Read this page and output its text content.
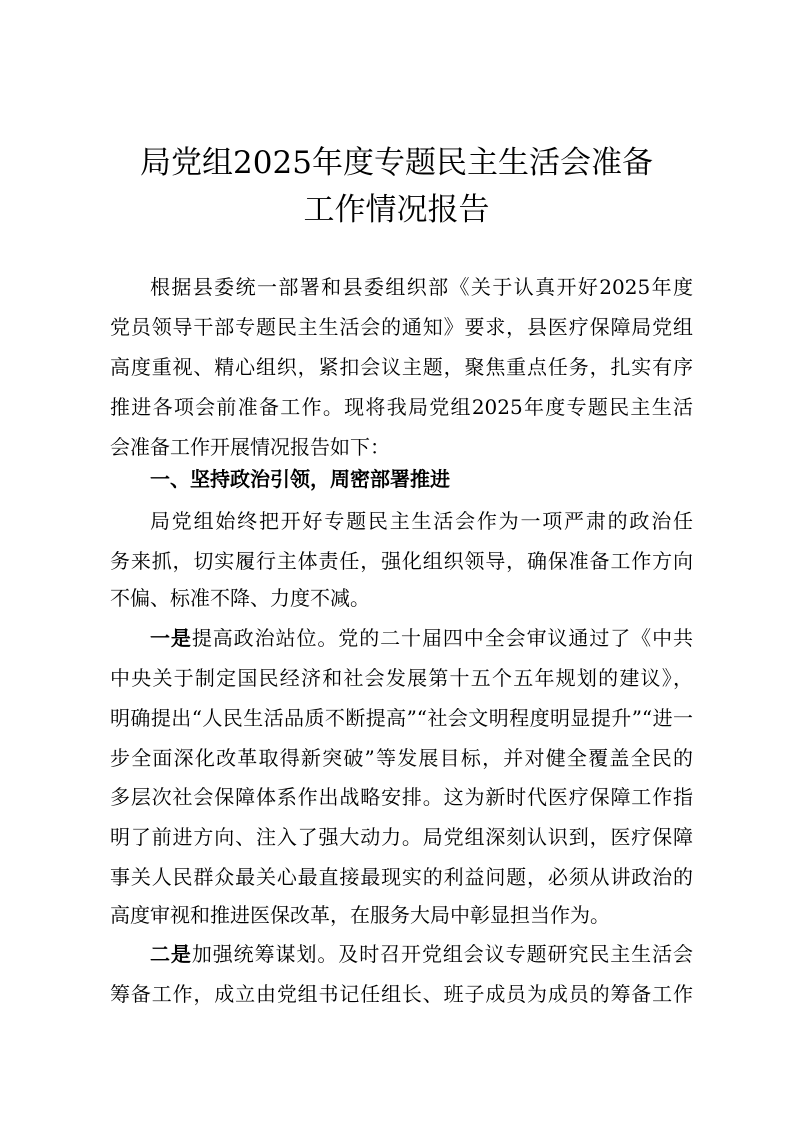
局党组2025年度专题民主生活会准备
工作情况报告
根据县委统一部署和县委组织部《关于认真开好2025年度
党员领导干部专题民主生活会的通知》要求，县医疗保障局党组
高度重视、精心组织，紧扣会议主题，聚焦重点任务，扎实有序
推进各项会前准备工作。现将我局党组2025年度专题民主生活
会准备工作开展情况报告如下：
一、坚持政治引领，周密部署推进
局党组始终把开好专题民主生活会作为一项严肃的政治任
务来抓，切实履行主体责任，强化组织领导，确保准备工作方向
不偏、标准不降、力度不减。
一是提高政治站位。党的二十届四中全会审议通过了《中共
中央关于制定国民经济和社会发展第十五个五年规划的建议》，
明确提出“人民生活品质不断提高”“社会文明程度明显提升”“进一
步全面深化改革取得新突破”等发展目标，并对健全覆盖全民的
多层次社会保障体系作出战略安排。这为新时代医疗保障工作指
明了前进方向、注入了强大动力。局党组深刻认识到，医疗保障
事关人民群众最关心最直接最现实的利益问题，必须从讲政治的
高度审视和推进医保改革，在服务大局中彰显担当作为。
二是加强统筹谋划。及时召开党组会议专题研究民主生活会
筹备工作，成立由党组书记任组长、班子成员为成员的筹备工作
